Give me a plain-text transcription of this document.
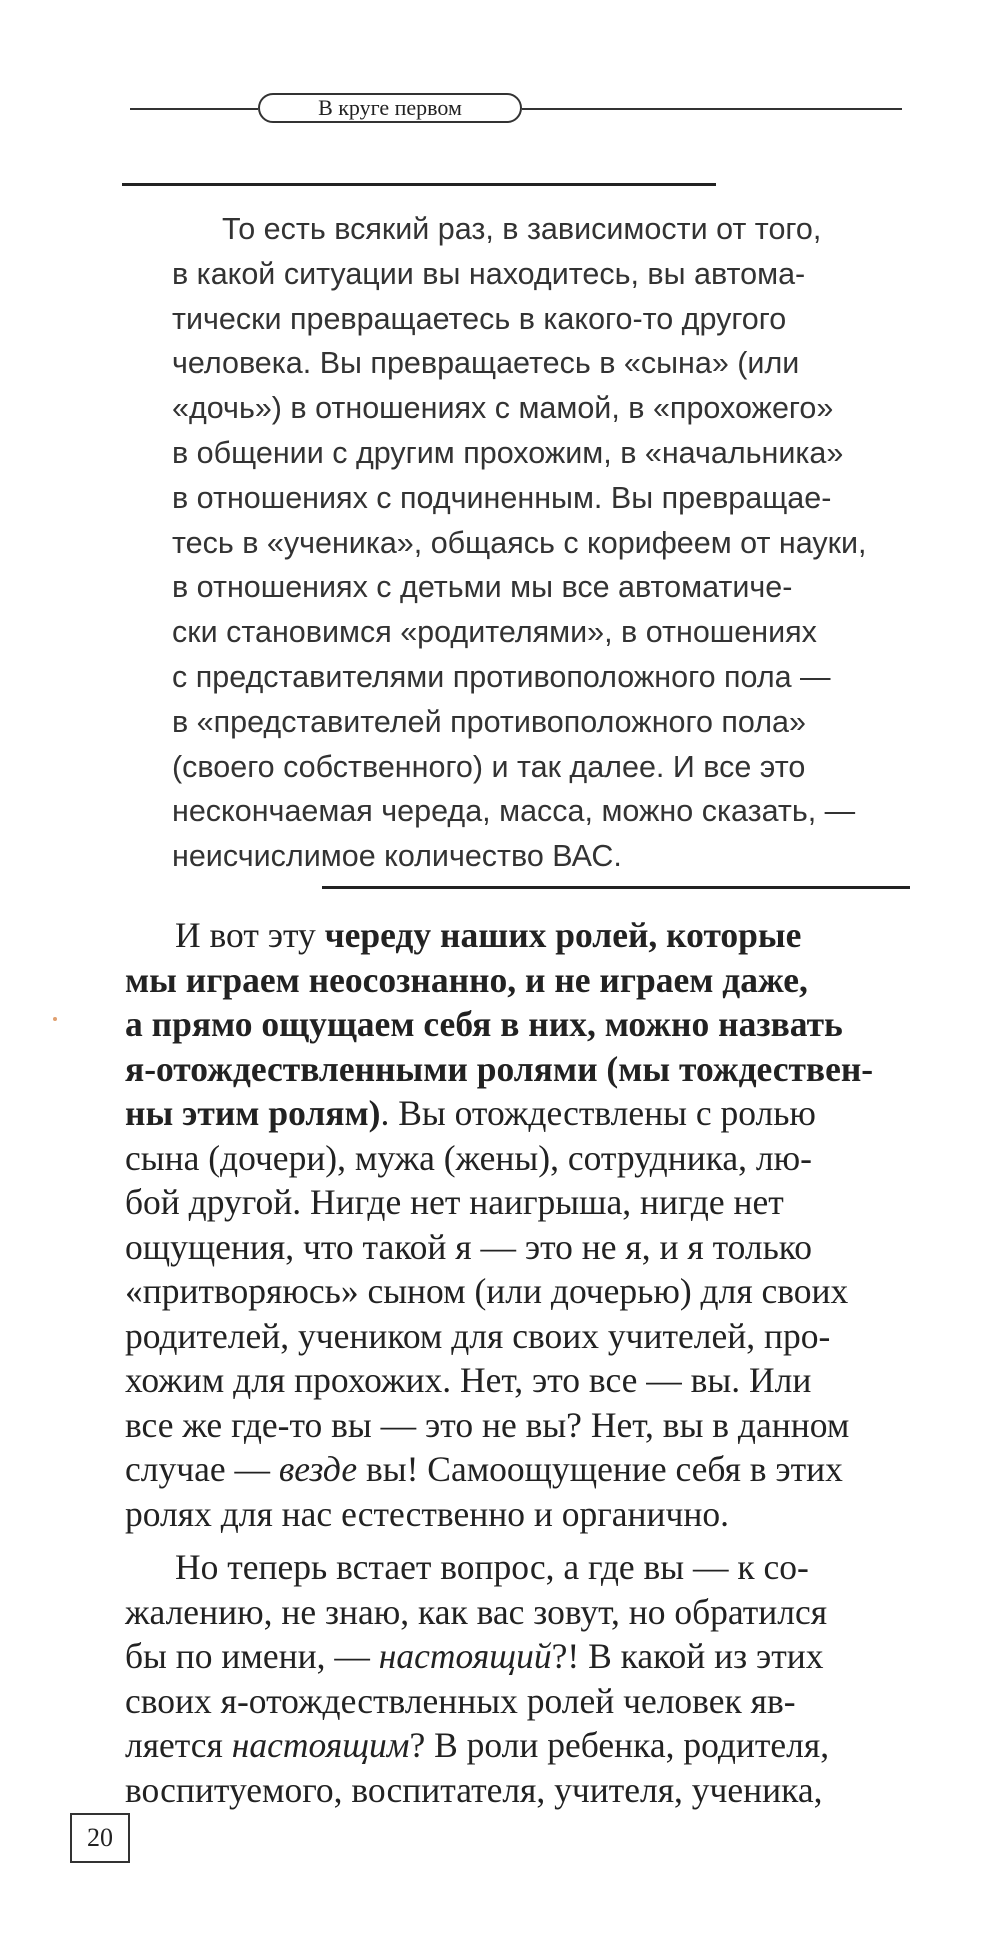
В круге первом

То есть всякий раз, в зависимости от того,
в какой ситуации вы находитесь, вы автома-
тически превращаетесь в какого-то другого
человека. Вы превращаетесь в «сына» (или
«дочь») в отношениях с мамой, в «прохожего»
в общении с другим прохожим, в «начальника»
в отношениях с подчиненным. Вы превращае-
тесь в «ученика», общаясь с корифеем от науки,
в отношениях с детьми мы все автоматиче-
ски становимся «родителями», в отношениях
с представителями противоположного пола —
в «представителей противоположного пола»
(своего собственного) и так далее. И все это
нескончаемая череда, масса, можно сказать, —
неисчислимое количество ВАС.

И вот эту череду наших ролей, которые
мы играем неосознанно, и не играем даже,
а прямо ощущаем себя в них, можно назвать
я-отождествленными ролями (мы тождествен-
ны этим ролям). Вы отождествлены с ролью
сына (дочери), мужа (жены), сотрудника, лю-
бой другой. Нигде нет наигрыша, нигде нет
ощущения, что такой я — это не я, и я только
«притворяюсь» сыном (или дочерью) для своих
родителей, учеником для своих учителей, про-
хожим для прохожих. Нет, это все — вы. Или
все же где-то вы — это не вы? Нет, вы в данном
случае — везде вы! Самоощущение себя в этих
ролях для нас естественно и органично.
Но теперь встает вопрос, а где вы — к со-
жалению, не знаю, как вас зовут, но обратился
бы по имени, — настоящий?! В какой из этих
своих я-отождествленных ролей человек яв-
ляется настоящим? В роли ребенка, родителя,
воспитуемого, воспитателя, учителя, ученика,
20
